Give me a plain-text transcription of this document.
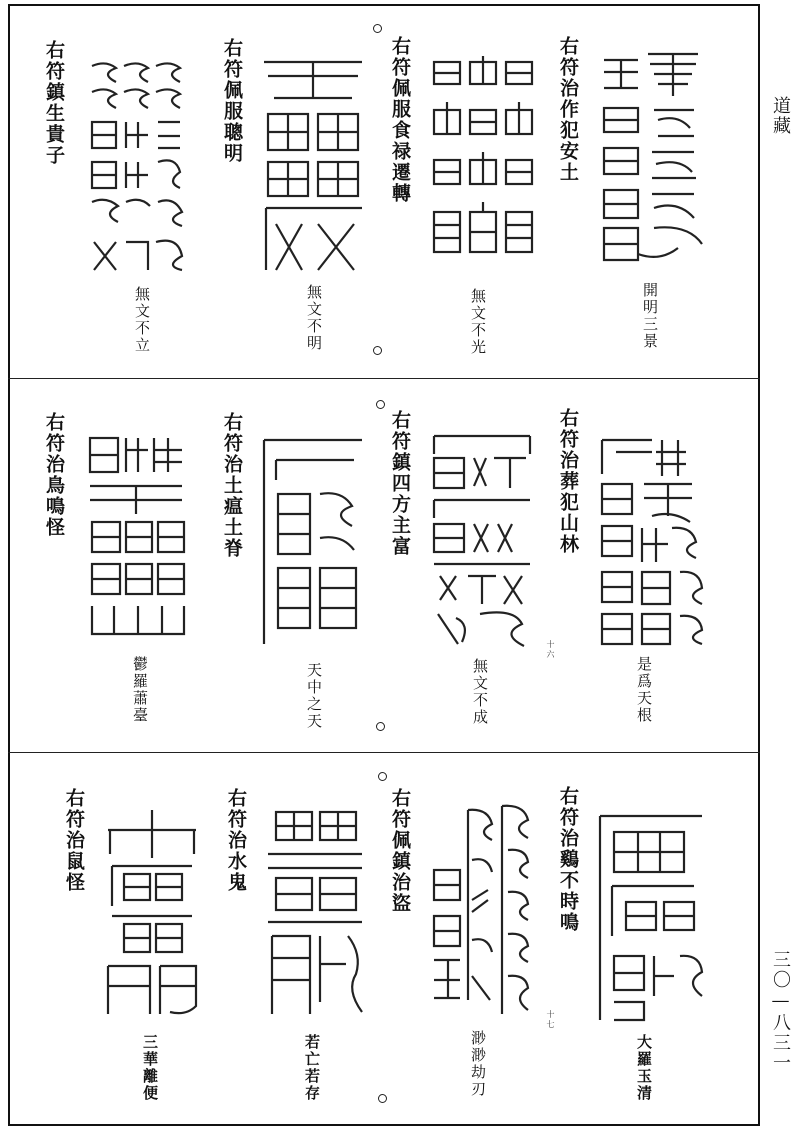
道藏
三〇—八三一
右符治作犯安土
開明三景
右符佩服食禄遷轉
無文不光
右符佩服聰明
無文不明
右符鎮生貴子
無文不立
右符治葬犯山林
十六
是爲天根
右符鎮四方主富
無文不成
右符治土瘟土脊
天中之天
右符治鳥鳴怪
鬱羅蕭臺
右符治鷄不時鳴
十七
大羅玉清
右符佩鎮治盜
渺渺劫刃
右符治水鬼
若亡若存
右符治鼠怪
三華離便
